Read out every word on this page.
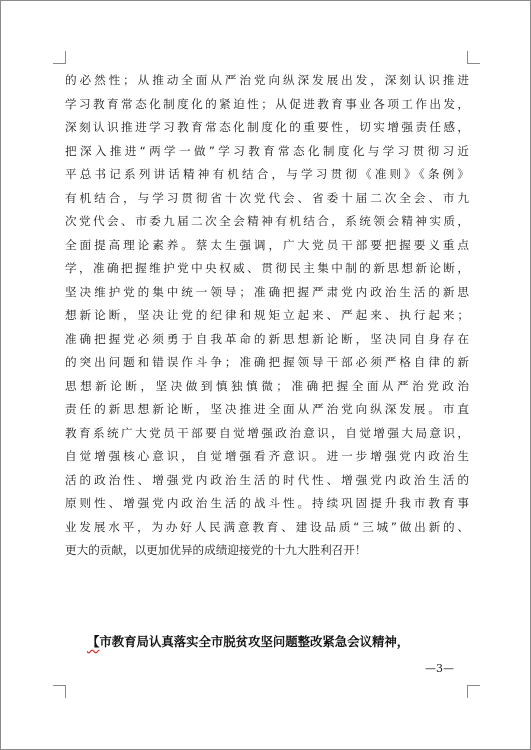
的必然性；从推动全面从严治党向纵深发展出发，深刻认识推进
学习教育常态化制度化的紧迫性；从促进教育事业各项工作出发，
深刻认识推进学习教育常态化制度化的重要性，切实增强责任感，
把深入推进“两学一做”学习教育常态化制度化与学习贯彻习近
平总书记系列讲话精神有机结合，与学习贯彻《准则》《条例》
有机结合，与学习贯彻省十次党代会、省委十届二次全会、市九
次党代会、市委九届二次全会精神有机结合，系统领会精神实质，
全面提高理论素养。蔡太生强调，广大党员干部要把握要义重点
学，准确把握维护党中央权威、贯彻民主集中制的新思想新论断，
坚决维护党的集中统一领导；准确把握严肃党内政治生活的新思
想新论断，坚决让党的纪律和规矩立起来、严起来、执行起来；
准确把握党必须勇于自我革命的新思想新论断，坚决同自身存在
的突出问题和错误作斗争；准确把握领导干部必须严格自律的新
思想新论断，坚决做到慎独慎微；准确把握全面从严治党政治
责任的新思想新论断，坚决推进全面从严治党向纵深发展。市直
教育系统广大党员干部要自觉增强政治意识，自觉增强大局意识，
自觉增强核心意识，自觉增强看齐意识。进一步增强党内政治生
活的政治性、增强党内政治生活的时代性、增强党内政治生活的
原则性、增强党内政治生活的战斗性。持续巩固提升我市教育事
业发展水平，为办好人民满意教育、建设品质“三城”做出新的、
更大的贡献，以更加优异的成绩迎接党的十九大胜利召开！
【市教育局认真落实全市脱贫攻坚问题整改紧急会议精神，
—3—
